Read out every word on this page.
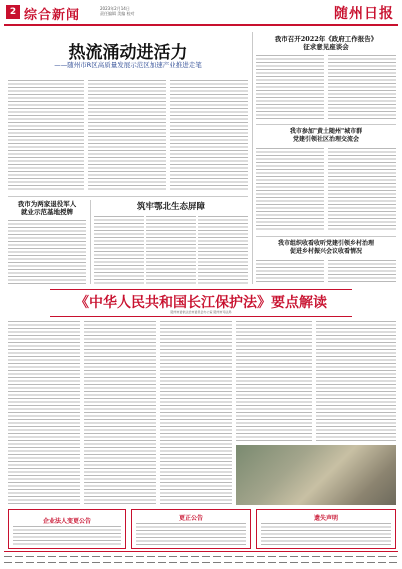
2 综合新闻	2023年2月14日
责任编辑 美编 校对	随州日报
热流涌动进活力
——随州市R区高质量发展示范区加速产业推进走笔
我市召开2022年《政府工作报告》
征求意见座谈会
我市参加"黄土随州"城市群
党建引领社区治理交流会
我市为两家退役军人
就业示范基地授牌	筑牢鄂北生态屏障
我市组织收看收听党建引领乡村治理
促进乡村振兴会议收看情况
《中华人民共和国长江保护法》要点解读
随州市委依法治市委员会办公室 随州市司法局
企业法人变更公告	更正公告	遗失声明
